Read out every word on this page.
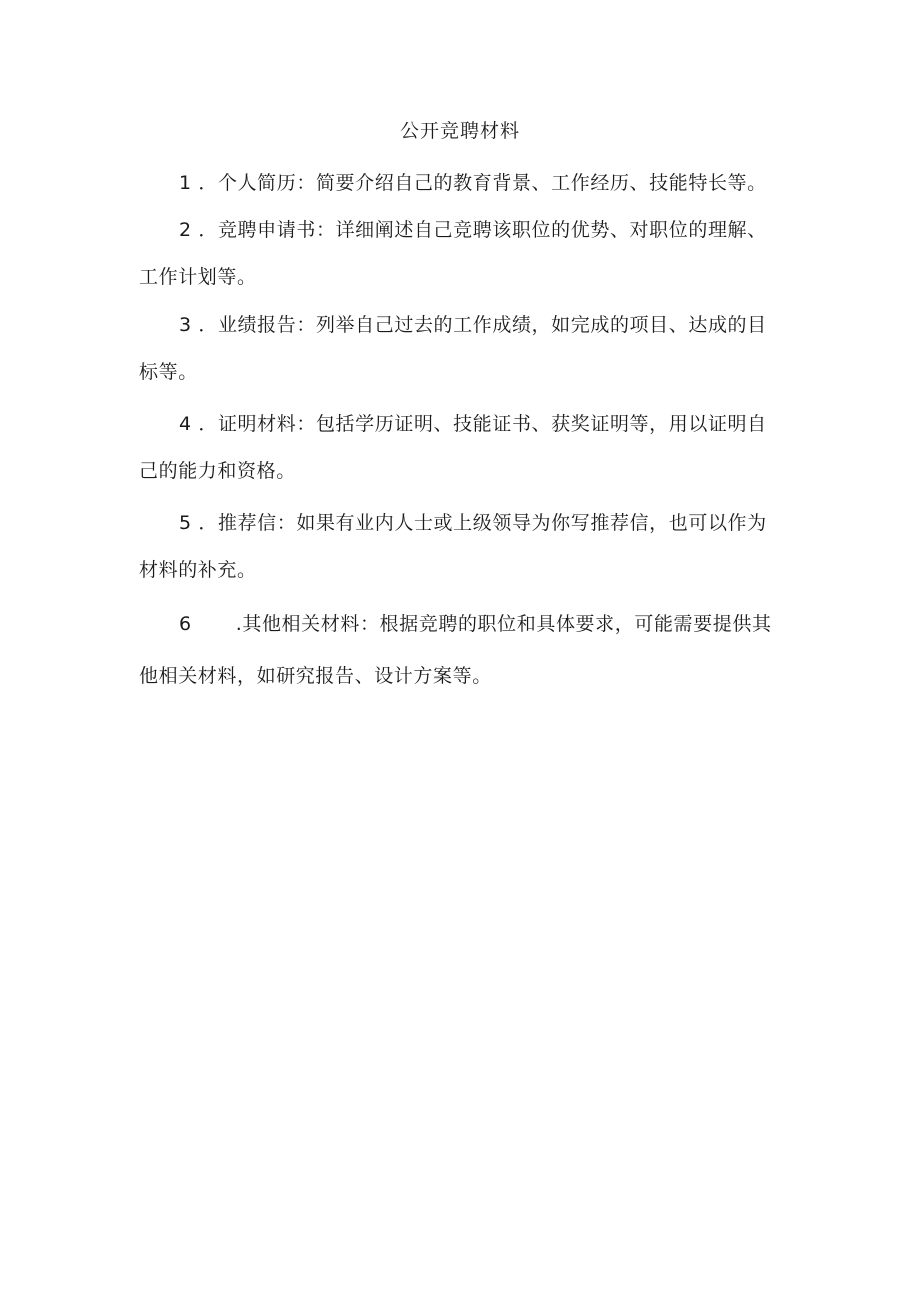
公开竞聘材料

1 ．个人简历：简要介绍自己的教育背景、工作经历、技能特长等。

2 ．竞聘申请书：详细阐述自己竞聘该职位的优势、对职位的理解、工作计划等。

3 ．业绩报告：列举自己过去的工作成绩，如完成的项目、达成的目标等。

4 ．证明材料：包括学历证明、技能证书、获奖证明等，用以证明自己的能力和资格。

5 ．推荐信：如果有业内人士或上级领导为你写推荐信，也可以作为材料的补充。

6 .其他相关材料：根据竞聘的职位和具体要求，可能需要提供其他相关材料，如研究报告、设计方案等。
